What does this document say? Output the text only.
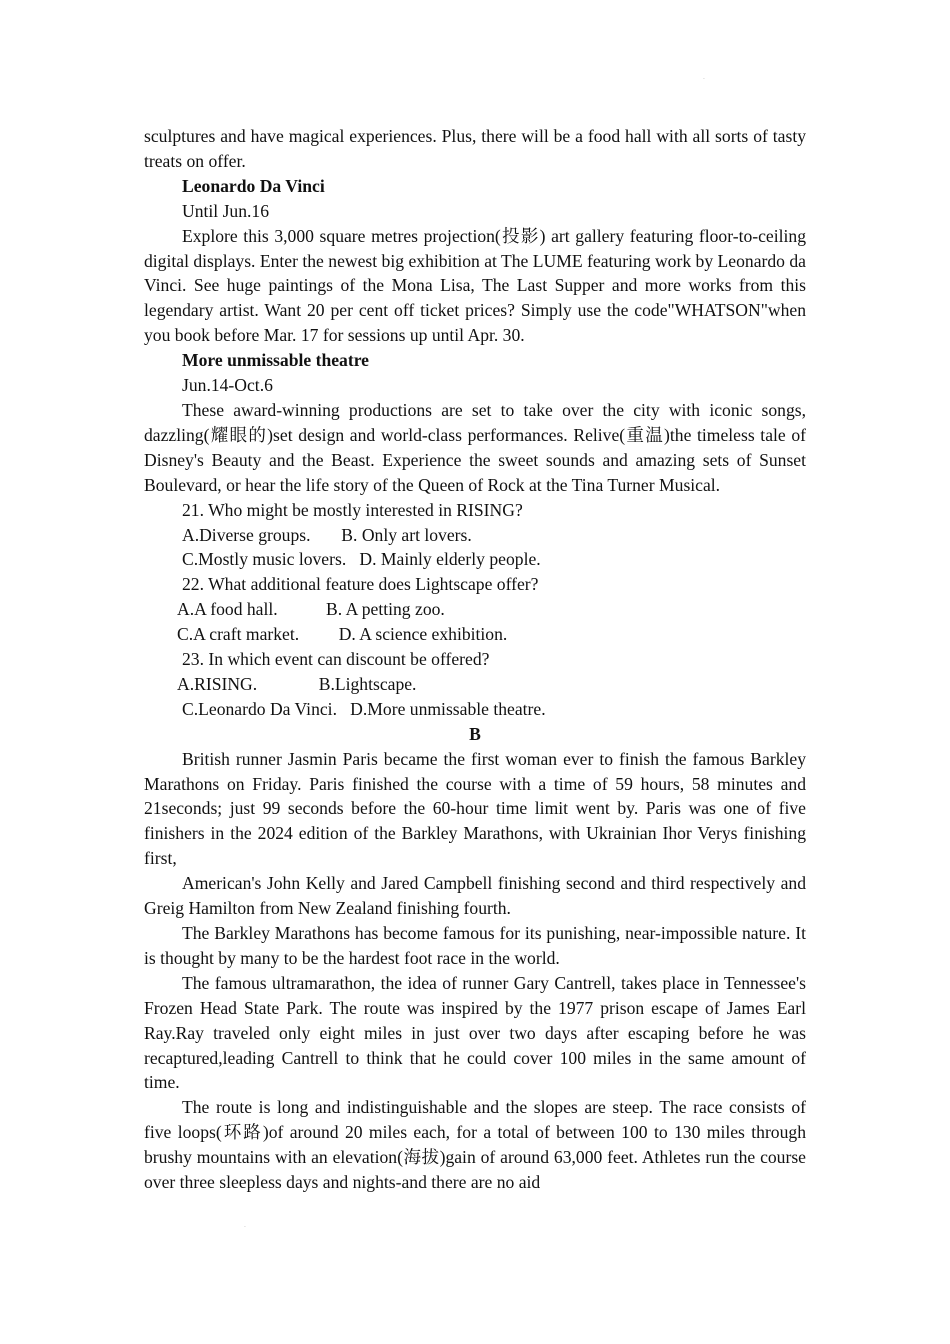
.

sculptures and have magical experiences. Plus, there will be a food hall with all sorts of tasty treats on offer.

Leonardo Da Vinci

Until Jun.16

Explore this 3,000 square metres projection(投影) art gallery featuring floor-to-ceiling digital displays. Enter the newest big exhibition at The LUME featuring work by Leonardo da Vinci. See huge paintings of the Mona Lisa, The Last Supper and more works from this legendary artist. Want 20 per cent off ticket prices? Simply use the code"WHATSON"when you book before Mar. 17 for sessions up until Apr. 30.

More unmissable theatre

Jun.14-Oct.6

These award-winning productions are set to take over the city with iconic songs, dazzling(耀眼的)set design and world-class performances. Relive(重温)the timeless tale of Disney's Beauty and the Beast. Experience the sweet sounds and amazing sets of Sunset Boulevard, or hear the life story of the Queen of Rock at the Tina Turner Musical.

21. Who might be mostly interested in RISING?

A.Diverse groups.       B. Only art lovers.

C.Mostly music lovers.   D. Mainly elderly people.

22. What additional feature does Lightscape offer?

A.A food hall.           B. A petting zoo.

C.A craft market.         D. A science exhibition.

23. In which event can discount be offered?

A.RISING.              B.Lightscape.

C.Leonardo Da Vinci.   D.More unmissable theatre.

B

British runner Jasmin Paris became the first woman ever to finish the famous Barkley Marathons on Friday. Paris finished the course with a time of 59 hours, 58 minutes and 21seconds; just 99 seconds before the 60-hour time limit went by. Paris was one of five finishers in the 2024 edition of the Barkley Marathons, with Ukrainian Ihor Verys finishing first,

American's John Kelly and Jared Campbell finishing second and third respectively and Greig Hamilton from New Zealand finishing fourth.

The Barkley Marathons has become famous for its punishing, near-impossible nature. It is thought by many to be the hardest foot race in the world.

The famous ultramarathon, the idea of runner Gary Cantrell, takes place in Tennessee's Frozen Head State Park. The route was inspired by the 1977 prison escape of James Earl Ray.Ray traveled only eight miles in just over two days after escaping before he was recaptured,leading Cantrell to think that he could cover 100 miles in the same amount of time.

The route is long and indistinguishable and the slopes are steep. The race consists of five loops(环路)of around 20 miles each, for a total of between 100 to 130 miles through brushy mountains with an elevation(海拔)gain of around 63,000 feet. Athletes run the course over three sleepless days and nights-and there are no aid

.
